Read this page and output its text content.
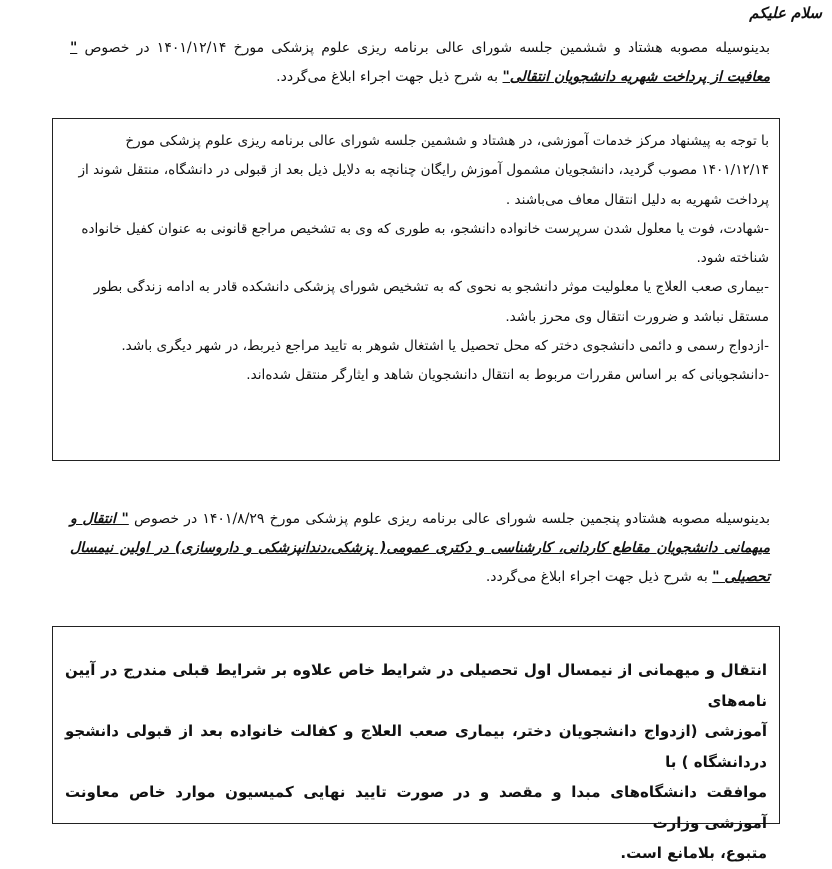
سلام علیکم

بدینوسیله مصوبه هشتاد و ششمین جلسه شورای عالی برنامه ریزی علوم پزشکی مورخ ۱۴۰۱/۱۲/۱۴ در خصوص " معافیت از پرداخت شهریه دانشجویان انتقالی" به شرح ذیل جهت اجراء ابلاغ می‌گردد.

با توجه به پیشنهاد مرکز خدمات آموزشی، در هشتاد و ششمین جلسه شورای عالی برنامه ریزی علوم پزشکی مورخ

۱۴۰۱/۱۲/۱۴ مصوب گردید، دانشجویان مشمول آموزش رایگان چنانچه به دلایل ذیل بعد از قبولی در دانشگاه، منتقل شوند از

پرداخت شهریه به دلیل انتقال معاف می‌باشند .

-شهادت، فوت یا معلول شدن سرپرست خانواده دانشجو، به طوری که وی به تشخیص مراجع قانونی به عنوان کفیل خانواده

شناخته شود.

-بیماری صعب العلاج یا معلولیت موثر دانشجو به نحوی که به تشخیص شورای پزشکی دانشکده قادر به ادامه زندگی بطور

مستقل نباشد و ضرورت انتقال وی محرز باشد.

-ازدواج رسمی و دائمی دانشجوی دختر که محل تحصیل یا اشتغال شوهر به تایید مراجع ذیربط، در شهر دیگری باشد.

-دانشجویانی که بر اساس مقررات مربوط به انتقال دانشجویان شاهد و ایثارگر منتقل شده‌اند.

بدینوسیله مصوبه هشتادو پنجمین جلسه شورای عالی برنامه ریزی علوم پزشکی مورخ ۱۴۰۱/۸/۲۹ در خصوص " انتقال و میهمانی دانشجویان مقاطع کاردانی، کارشناسی و دکتری عمومی( پزشکی،دندانپزشکی و داروسازی) در اولین نیمسال تحصیلی " به شرح ذیل جهت اجراء ابلاغ می‌گردد.

انتقال و میهمانی از نیمسال اول تحصیلی در شرایط خاص علاوه بر شرایط قبلی مندرج در آیین نامه‌های

آموزشی (ازدواج دانشجویان دختر، بیماری صعب العلاج و کفالت خانواده بعد از قبولی دانشجو دردانشگاه ) با

موافقت دانشگاه‌های مبدا و مقصد و در صورت تایید نهایی کمیسیون موارد خاص معاونت آموزشی وزارت

متبوع، بلامانع است.
